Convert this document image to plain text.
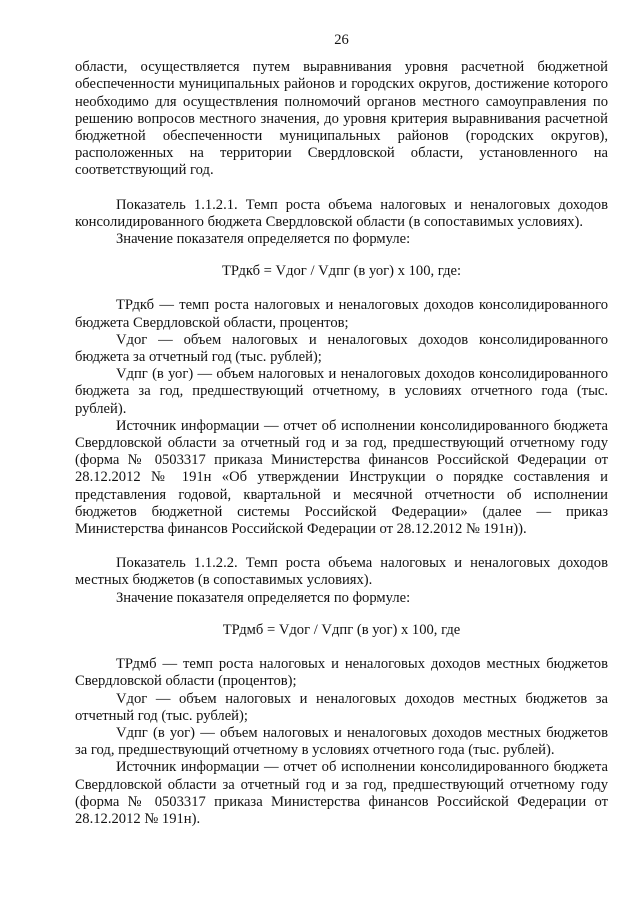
26

области, осуществляется путем выравнивания уровня расчетной бюджетной обеспеченности муниципальных районов и городских округов, достижение которого необходимо для осуществления полномочий органов местного самоуправления по решению вопросов местного значения, до уровня критерия выравнивания расчетной бюджетной обеспеченности муниципальных районов (городских округов), расположенных на территории Свердловской области, установленного на соответствующий год.

Показатель 1.1.2.1. Темп роста объема налоговых и неналоговых доходов консолидированного бюджета Свердловской области (в сопоставимых условиях).

Значение показателя определяется по формуле:

ТРдкб = Vдог / Vдпг (в уог) x 100, где:

ТРдкб — темп роста налоговых и неналоговых доходов консолидированного бюджета Свердловской области, процентов;

Vдог — объем налоговых и неналоговых доходов консолидированного бюджета за отчетный год (тыс. рублей);

Vдпг (в уог) — объем налоговых и неналоговых доходов консолидированного бюджета за год, предшествующий отчетному, в условиях отчетного года (тыс. рублей).

Источник информации — отчет об исполнении консолидированного бюджета Свердловской области за отчетный год и за год, предшествующий отчетному году (форма № 0503317 приказа Министерства финансов Российской Федерации от 28.12.2012 № 191н «Об утверждении Инструкции о порядке составления и представления годовой, квартальной и месячной отчетности об исполнении бюджетов бюджетной системы Российской Федерации» (далее — приказ Министерства финансов Российской Федерации от 28.12.2012 № 191н)).

Показатель 1.1.2.2. Темп роста объема налоговых и неналоговых доходов местных бюджетов (в сопоставимых условиях).

Значение показателя определяется по формуле:

ТРдмб = Vдог / Vдпг (в уог) x 100, где

ТРдмб — темп роста налоговых и неналоговых доходов местных бюджетов Свердловской области (процентов);

Vдог — объем налоговых и неналоговых доходов местных бюджетов за отчетный год (тыс. рублей);

Vдпг (в уог) — объем налоговых и неналоговых доходов местных бюджетов за год, предшествующий отчетному в условиях отчетного года (тыс. рублей).

Источник информации — отчет об исполнении консолидированного бюджета Свердловской области за отчетный год и за год, предшествующий отчетному году (форма № 0503317 приказа Министерства финансов Российской Федерации от 28.12.2012 № 191н).
